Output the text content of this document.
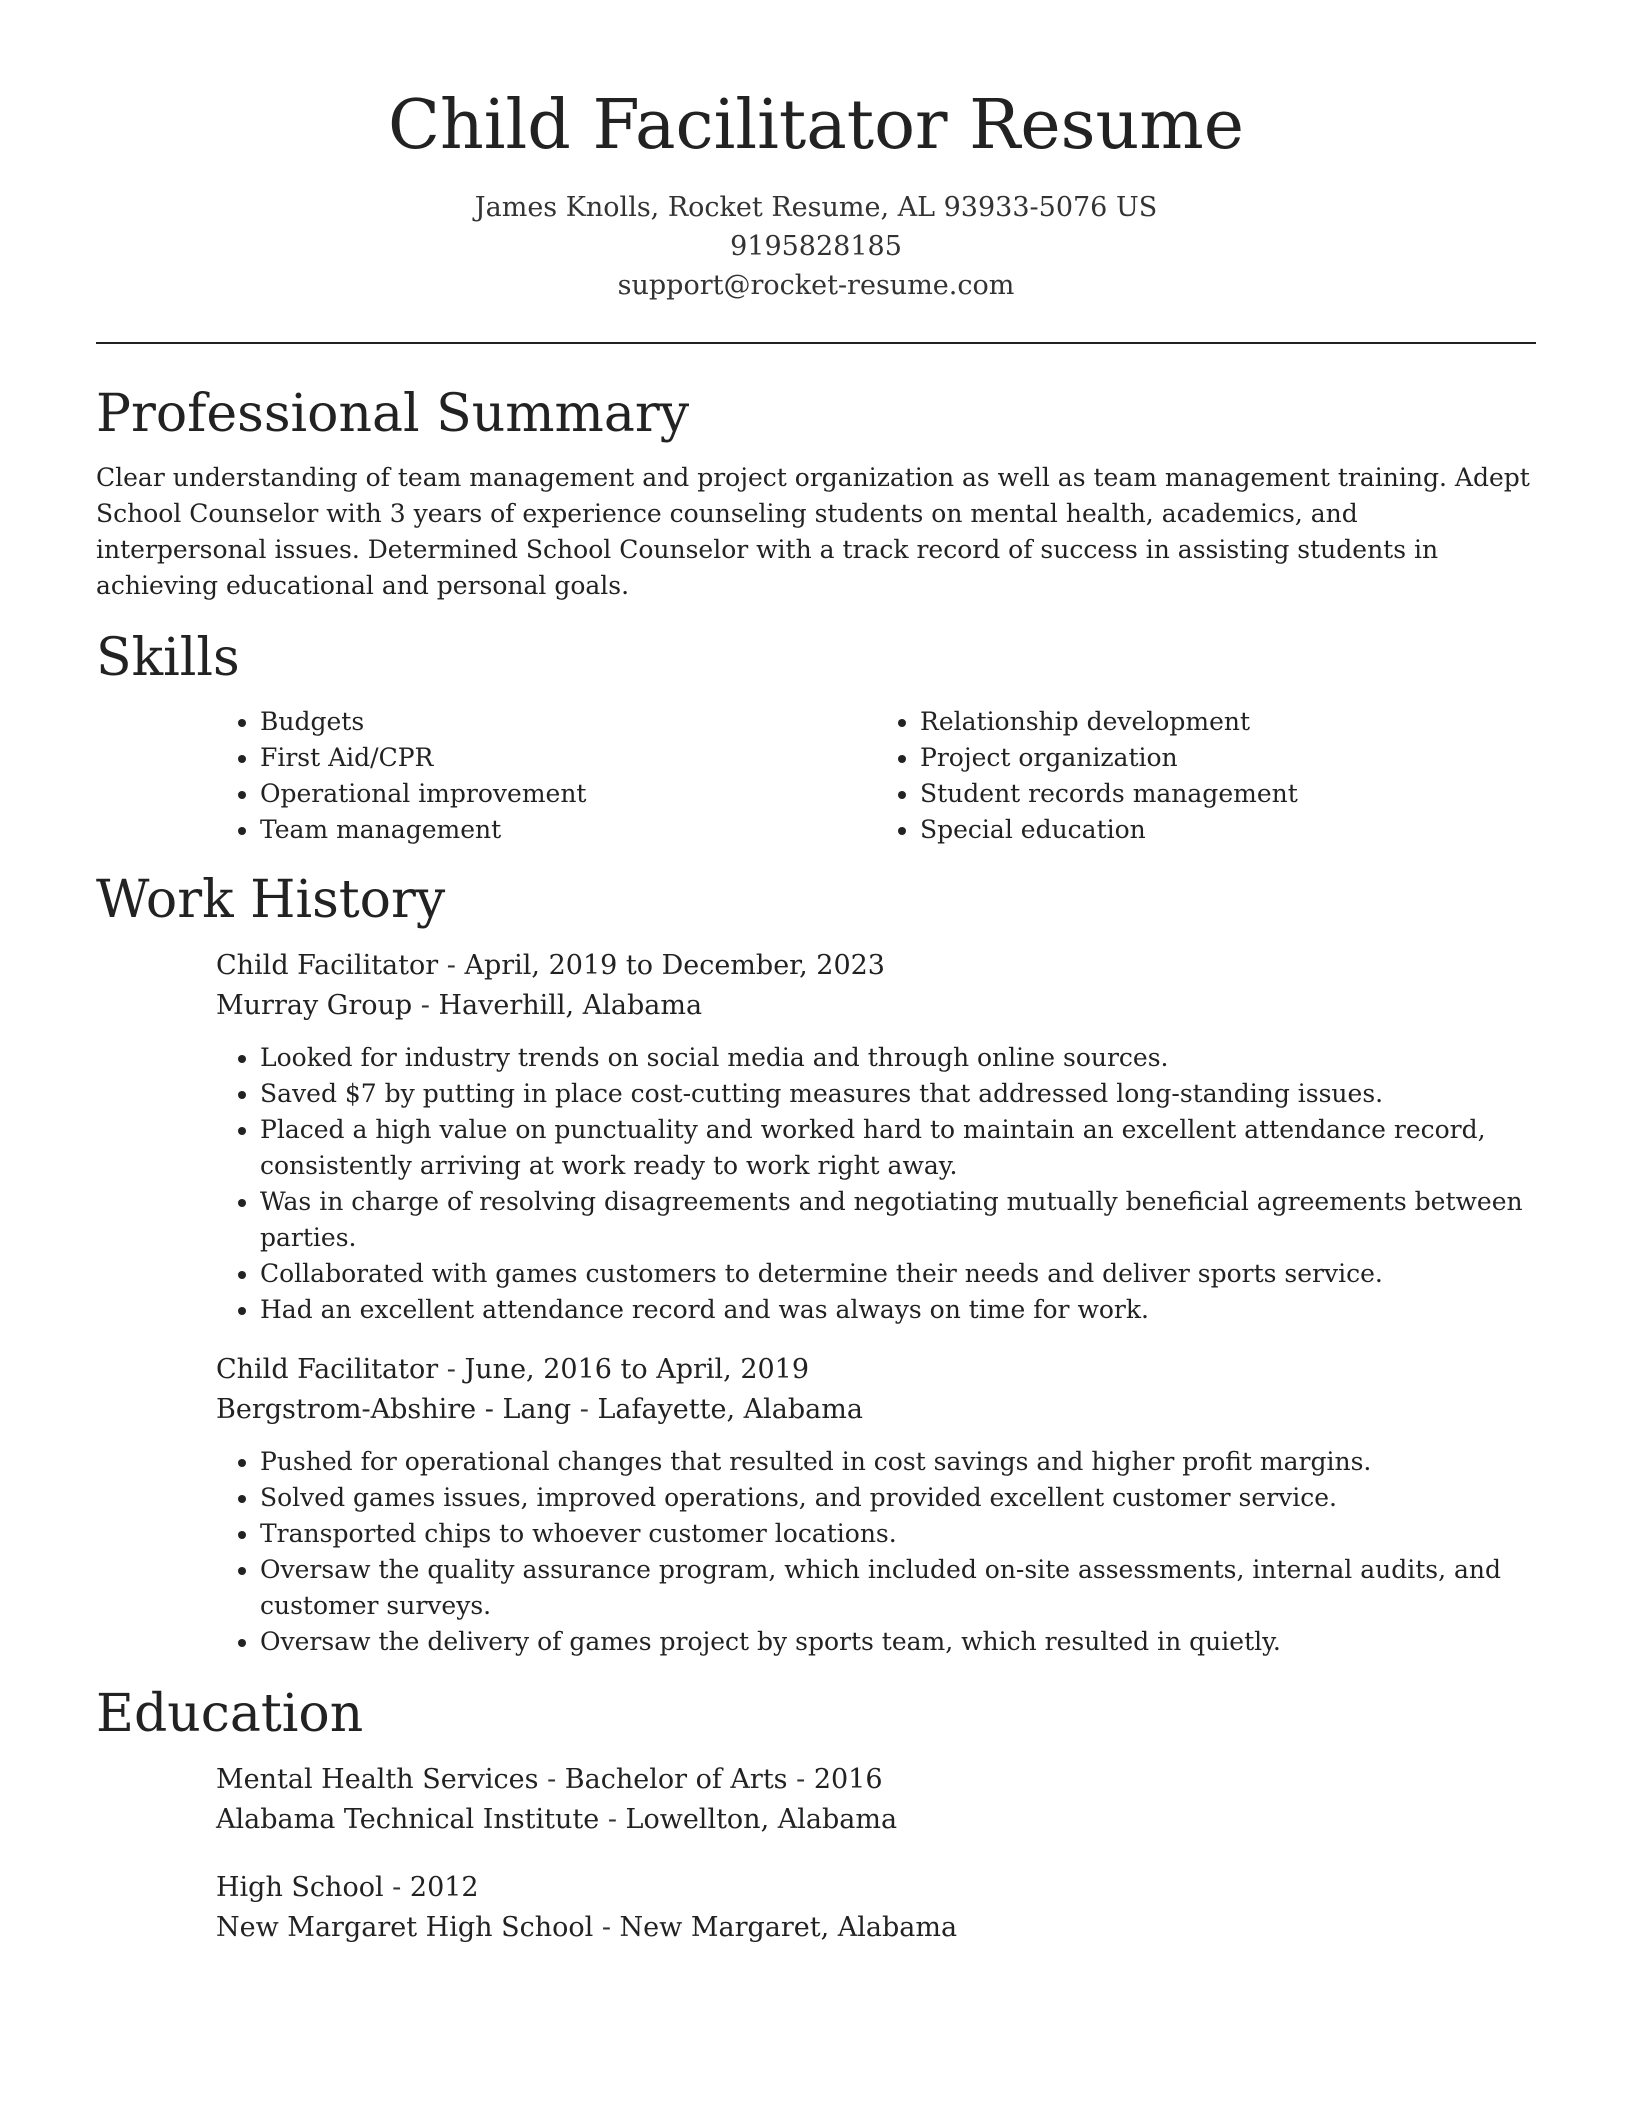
Child Facilitator Resume
James Knolls, Rocket Resume, AL 93933-5076 US
9195828185
support@rocket-resume.com
Professional Summary

Clear understanding of team management and project organization as well as team management training. Adept School Counselor with 3 years of experience counseling students on mental health, academics, and interpersonal issues. Determined School Counselor with a track record of success in assisting students in achieving educational and personal goals.

Skills
• Budgets
• First Aid/CPR
• Operational improvement
• Team management
• Relationship development
• Project organization
• Student records management
• Special education
Work History
Child Facilitator - April, 2019 to December, 2023
Murray Group - Haverhill, Alabama
• Looked for industry trends on social media and through online sources.
• Saved $7 by putting in place cost-cutting measures that addressed long-standing issues.
• Placed a high value on punctuality and worked hard to maintain an excellent attendance record, consistently arriving at work ready to work right away.
• Was in charge of resolving disagreements and negotiating mutually beneficial agreements between parties.
• Collaborated with games customers to determine their needs and deliver sports service.
• Had an excellent attendance record and was always on time for work.
Child Facilitator - June, 2016 to April, 2019
Bergstrom-Abshire - Lang - Lafayette, Alabama
• Pushed for operational changes that resulted in cost savings and higher profit margins.
• Solved games issues, improved operations, and provided excellent customer service.
• Transported chips to whoever customer locations.
• Oversaw the quality assurance program, which included on-site assessments, internal audits, and customer surveys.
• Oversaw the delivery of games project by sports team, which resulted in quietly.
Education
Mental Health Services - Bachelor of Arts - 2016
Alabama Technical Institute - Lowellton, Alabama
High School - 2012
New Margaret High School - New Margaret, Alabama
